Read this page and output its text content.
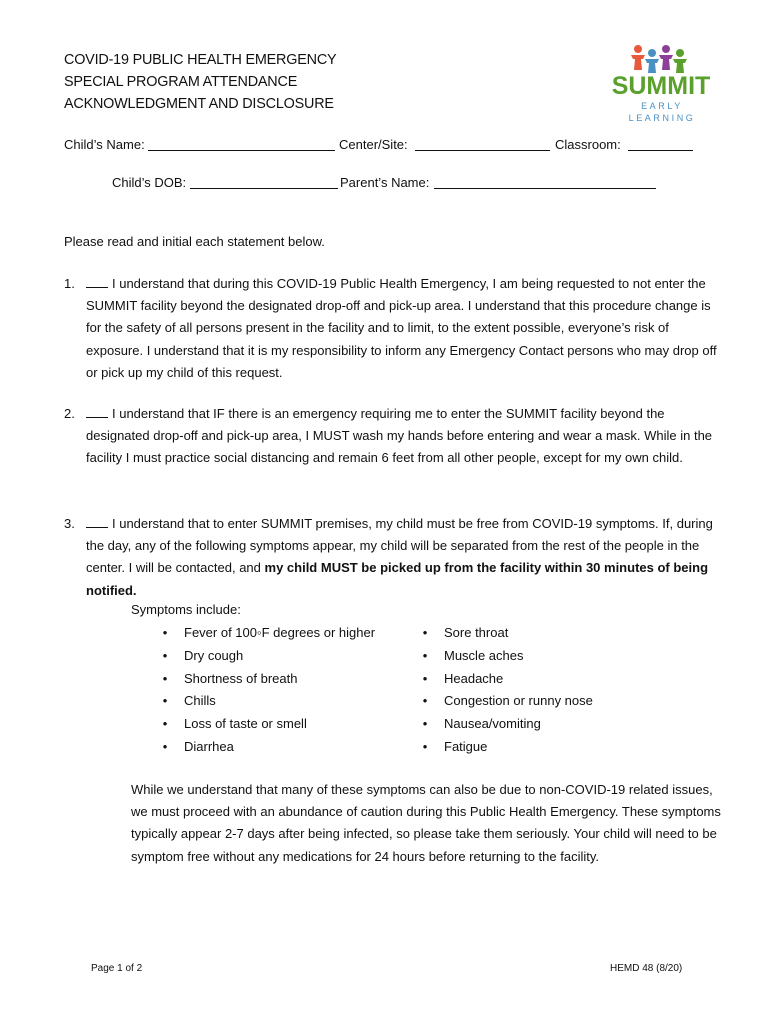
COVID-19 PUBLIC HEALTH EMERGENCY
SPECIAL PROGRAM ATTENDANCE
ACKNOWLEDGMENT AND DISCLOSURE
SUMMIT
EARLY LEARNING
Child’s Name:	Center/Site:	Classroom:
Child’s DOB:	Parent’s Name:
Please read and initial each statement below.
1.	I understand that during this COVID-19 Public Health Emergency, I am being requested to not enter the SUMMIT facility beyond the designated drop-off and pick-up area. I understand that this procedure change is for the safety of all persons present in the facility and to limit, to the extent possible, everyone’s risk of exposure. I understand that it is my responsibility to inform any Emergency Contact persons who may drop off or pick up my child of this request.
2.	I understand that IF there is an emergency requiring me to enter the SUMMIT facility beyond the designated drop-off and pick-up area, I MUST wash my hands before entering and wear a mask. While in the facility I must practice social distancing and remain 6 feet from all other people, except for my own child.
3.	I understand that to enter SUMMIT premises, my child must be free from COVID-19 symptoms. If, during the day, any of the following symptoms appear, my child will be separated from the rest of the people in the center. I will be contacted, and my child MUST be picked up from the facility within 30 minutes of being notified.
Symptoms include:
• Fever of 100◦F degrees or higher
• Dry cough
• Shortness of breath
• Chills
• Loss of taste or smell
• Diarrhea
• Sore throat
• Muscle aches
• Headache
• Congestion or runny nose
• Nausea/vomiting
• Fatigue
While we understand that many of these symptoms can also be due to non-COVID-19 related issues, we must proceed with an abundance of caution during this Public Health Emergency. These symptoms typically appear 2-7 days after being infected, so please take them seriously. Your child will need to be symptom free without any medications for 24 hours before returning to the facility.
Page 1 of 2	HEMD 48 (8/20)
